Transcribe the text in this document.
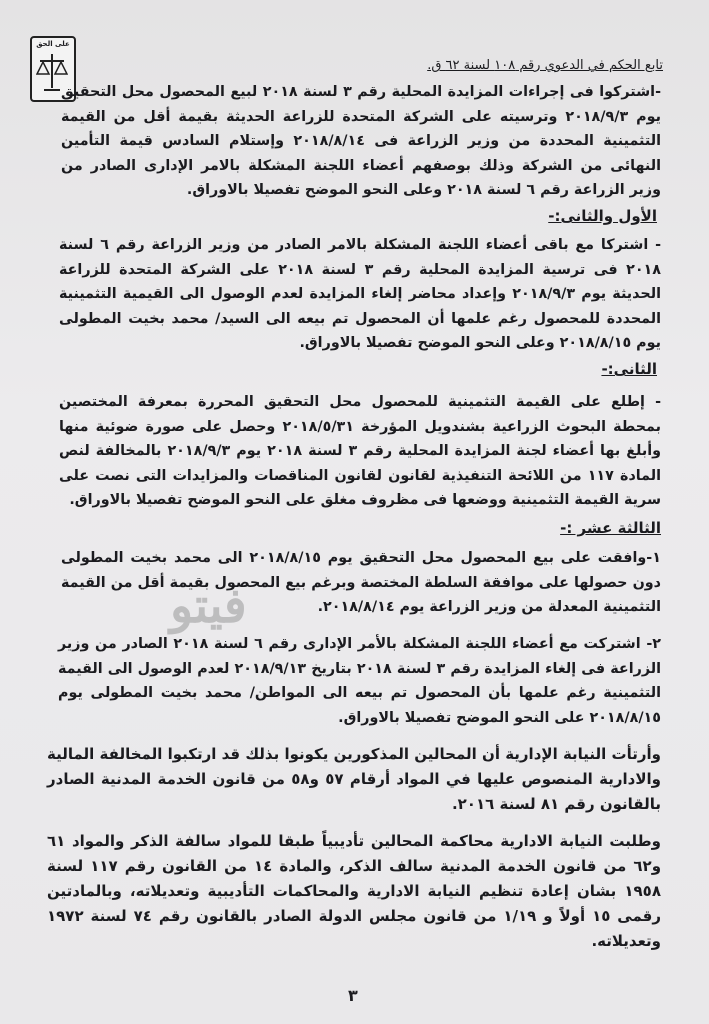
على الحق
تابع الحكم في الدعوي رقم ١٠٨ لسنة ٦٢ ق.
-اشتركوا فى إجراءات المزايدة المحلية رقم ٣ لسنة ٢٠١٨ لبيع المحصول محل التحقيق يوم ٢٠١٨/٩/٣ وترسيته على الشركة المتحدة للزراعة الحديثة بقيمة أقل من القيمة التثمينية المحددة من وزير الزراعة فى ٢٠١٨/٨/١٤ وإستلام السادس قيمة التأمين النهائى من الشركة وذلك بوصفهم أعضاء اللجنة المشكلة بالامر الإدارى الصادر من وزير الزراعة رقم ٦ لسنة ٢٠١٨ وعلى النحو الموضح تفصيلا بالاوراق.
الأول والثانى:-
- اشتركا مع باقى أعضاء اللجنة المشكلة بالامر الصادر من وزير الزراعة رقم ٦ لسنة ٢٠١٨ فى ترسية المزايدة المحلية رقم ٣ لسنة ٢٠١٨ على الشركة المتحدة للزراعة الحديثة يوم ٢٠١٨/٩/٣ وإعداد محاضر إلغاء المزايدة لعدم الوصول الى القيمية التثمينية المحددة للمحصول رغم علمها أن المحصول تم بيعه الى السيد/ محمد بخيت المطولى يوم ٢٠١٨/٨/١٥ وعلى النحو الموضح تفصيلا بالاوراق.
الثانى:-
- إطلع على القيمة التثمينية للمحصول محل التحقيق المحررة بمعرفة المختصين بمحطة البحوث الزراعية بشندويل المؤرخة ٢٠١٨/٥/٣١ وحصل على صورة ضوئية منها وأبلغ بها أعضاء لجنة المزايدة المحلية رقم ٣ لسنة ٢٠١٨ يوم ٢٠١٨/٩/٣ بالمخالفة لنص المادة ١١٧ من اللائحة التنفيذية لقانون لقانون المناقصات والمزايدات التى نصت على سرية القيمة التثمينية ووضعها فى مظروف مغلق على النحو الموضح تفصيلا بالاوراق.
الثالثة عشر :-
١-وافقت على بيع المحصول محل التحقيق يوم ٢٠١٨/٨/١٥ الى محمد بخيت المطولى دون حصولها على موافقة السلطة المختصة وبرغم بيع المحصول بقيمة أقل من القيمة التثمينية المعدلة من وزير الزراعة يوم ٢٠١٨/٨/١٤.
٢- اشتركت مع أعضاء اللجنة المشكلة بالأمر الإدارى رقم ٦ لسنة ٢٠١٨ الصادر من وزير الزراعة فى إلغاء المزايدة رقم ٣ لسنة ٢٠١٨ بتاريخ ٢٠١٨/٩/١٣ لعدم الوصول الى القيمة التثمينية رغم علمها بأن المحصول تم بيعه الى المواطن/ محمد بخيت المطولى يوم ٢٠١٨/٨/١٥ على النحو الموضح تفصيلا بالاوراق.
وأرتأت النيابة الإدارية أن المحالين المذكورين يكونوا بذلك قد ارتكبوا المخالفة المالية والادارية المنصوص عليها في المواد أرقام ٥٧ و٥٨ من قانون الخدمة المدنية الصادر بالقانون رقم ٨١ لسنة ٢٠١٦.
وطلبت النيابة الادارية محاكمة المحالين تأديبياً طبقا للمواد سالفة الذكر والمواد ٦١ و٦٢ من قانون الخدمة المدنية سالف الذكر، والمادة ١٤ من القانون رقم ١١٧ لسنة ١٩٥٨ بشان إعادة تنظيم النيابة الادارية والمحاكمات التأديبية وتعديلاته، وبالمادتين رقمى ١٥ أولاً و ١/١٩ من قانون مجلس الدولة الصادر بالقانون رقم ٧٤ لسنة ١٩٧٢ وتعديلاته.
فيتو
٣
